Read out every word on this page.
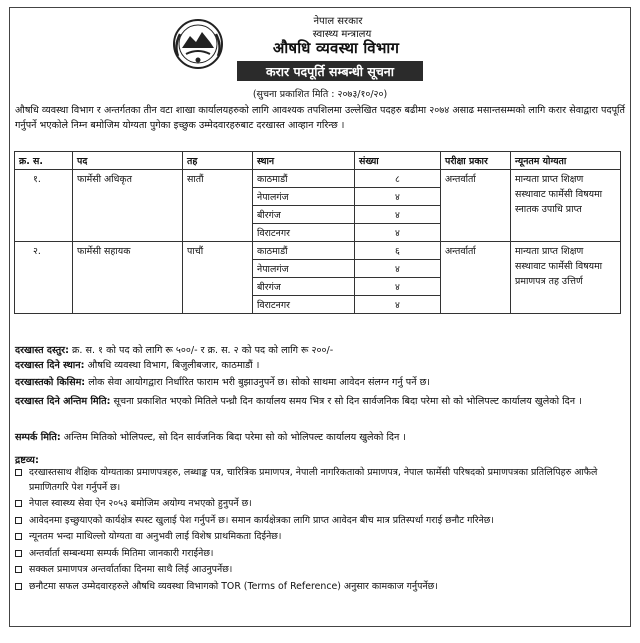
नेपाल सरकार
स्वास्थ्य मन्त्रालय
औषधि व्यवस्था विभाग
करार पदपूर्ति सम्बन्धी सूचना
(सुचना प्रकाशित मिति : २०७३/१०/२०)

औषधि व्यवस्था विभाग र अन्तर्गतका तीन वटा शाखा कार्यालयहरुको लागि आवश्यक तपशिलमा उल्लेखित पदहरु बढीमा २०७४ असाढ मसान्तसम्मको लागि करार सेवाद्वारा पदपूर्ति गर्नुपर्ने भएकोले निम्न बमोजिम योग्यता पुगेका इच्छुक उम्मेदवारहरुबाट दरखास्त आव्हान गरिन्छ ।

क्र. स.	पद	तह	स्थान	संख्या	परीक्षा प्रकार	न्यूनतम योग्यता
१.	फार्मेसी अधिकृत	सातौं	काठमाडौं	८	अन्तर्वार्ता	मान्यता प्राप्त शिक्षण सस्थावाट फार्मेसी विषयमा स्नातक उपाधि प्राप्त
			नेपालगंज	४		
			बीरगंज	४		
			विराटनगर	४		
२.	फार्मेसी सहायक	पाचौं	काठमाडौं	६	अन्तर्वार्ता	मान्यता प्राप्त शिक्षण सस्थावाट फार्मेसी विषयमा प्रमाणपत्र तह उत्तिर्ण
			नेपालगंज	४		
			बीरगंज	४		
			विराटनगर	४		

दरखास्त दस्तुर: क्र. स. १ को पद को लागि रू ५००/- र क्र. स. २ को पद को लागि रू २००/-

दरखास्त दिने स्थान: औषधि व्यवस्था विभाग, बिजुलीबजार, काठमाडौं ।

दरखास्तको किसिम: लोक सेवा आयोगद्वारा निर्धारित फाराम भरी बुझाउनुपर्ने छ। सोको साथमा आवेदन संलग्न गर्नु पर्ने छ।

दरखास्त दिने अन्तिम मिति: सूचना प्रकाशित भएको मितिले पन्ध्रौ दिन कार्यालय समय भित्र र सो दिन सार्वजनिक बिदा परेमा सो को भोलिपल्ट कार्यालय खुलेको दिन ।

सम्पर्क मिति: अन्तिम मितिको भोलिपल्ट, सो दिन सार्वजनिक बिदा परेमा सो को भोलिपल्ट कार्यालय खुलेको दिन ।

द्रष्टव्य:
दरखास्तसाथ शैक्षिक योग्यताका प्रमाणपत्रहरु, लब्धाङ्क पत्र, चारित्रिक प्रमाणपत्र, नेपाली नागरिकताको प्रमाणपत्र, नेपाल फार्मेसी परिषदको प्रमाणपत्रका प्रतिलिपिहरु आफैले प्रमाणितगरि पेश गर्नुपर्ने छ।
नेपाल स्वास्थ्य सेवा ऐन २०५३ बमोजिम अयोग्य नभएको हुनुपर्ने छ।
आवेदनमा इच्छुयाएको कार्यक्षेत्र स्पस्ट खुलाई पेश गर्नुपर्ने छ। समान कार्यक्षेत्रका लागि प्राप्त आवेदन बीच मात्र प्रतिस्पर्धा गराई छनौट गरिनेछ।
न्यूनतम भन्दा माथिल्लो योग्यता वा अनुभवी लाई विशेष प्राथमिकता दिईनेछ।
अन्तर्वार्ता सम्बन्धमा सम्पर्क मितिमा जानकारी गराईनेछ।
सक्कल प्रमाणपत्र अन्तर्वार्ताका दिनमा साथै लिई आउनुपर्नेछ।
छनौटमा सफल उम्मेदवारहरुले औषधि व्यवस्था विभागको TOR (Terms of Reference) अनुसार कामकाज गर्नुपर्नेछ।
